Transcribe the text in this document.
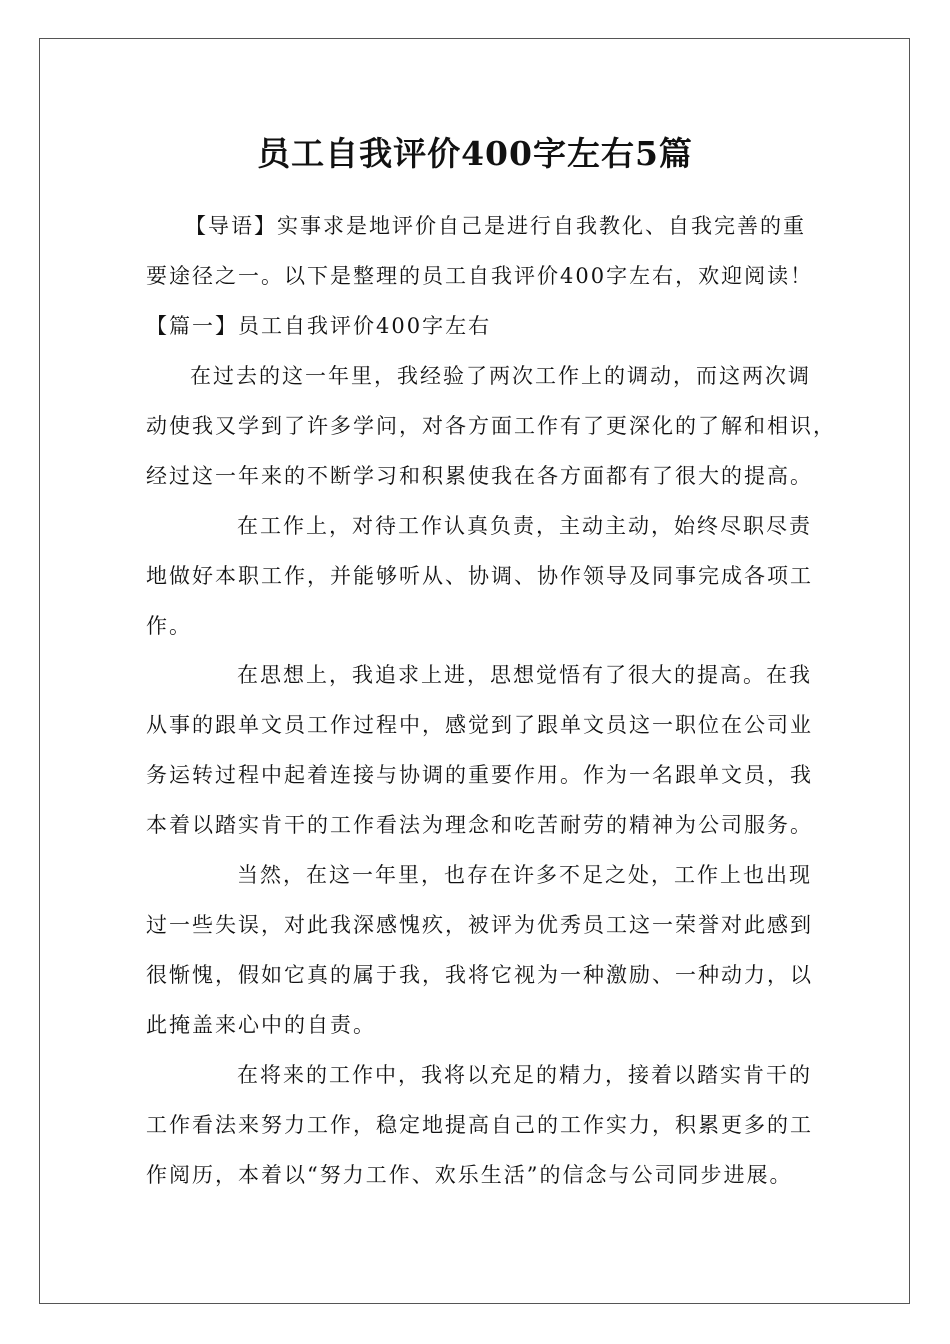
员工自我评价400字左右5篇

【导语】实事求是地评价自己是进行自我教化、自我完善的重

要途径之一。以下是整理的员工自我评价400字左右，欢迎阅读！

【篇一】员工自我评价400字左右

在过去的这一年里，我经验了两次工作上的调动，而这两次调

动使我又学到了许多学问，对各方面工作有了更深化的了解和相识，

经过这一年来的不断学习和积累使我在各方面都有了很大的提高。

在工作上，对待工作认真负责，主动主动，始终尽职尽责

地做好本职工作，并能够听从、协调、协作领导及同事完成各项工

作。

在思想上，我追求上进，思想觉悟有了很大的提高。在我

从事的跟单文员工作过程中，感觉到了跟单文员这一职位在公司业

务运转过程中起着连接与协调的重要作用。作为一名跟单文员，我

本着以踏实肯干的工作看法为理念和吃苦耐劳的精神为公司服务。

当然，在这一年里，也存在许多不足之处，工作上也出现

过一些失误，对此我深感愧疚，被评为优秀员工这一荣誉对此感到

很惭愧，假如它真的属于我，我将它视为一种激励、一种动力，以

此掩盖来心中的自责。

在将来的工作中，我将以充足的精力，接着以踏实肯干的

工作看法来努力工作，稳定地提高自己的工作实力，积累更多的工

作阅历，本着以“努力工作、欢乐生活”的信念与公司同步进展。
